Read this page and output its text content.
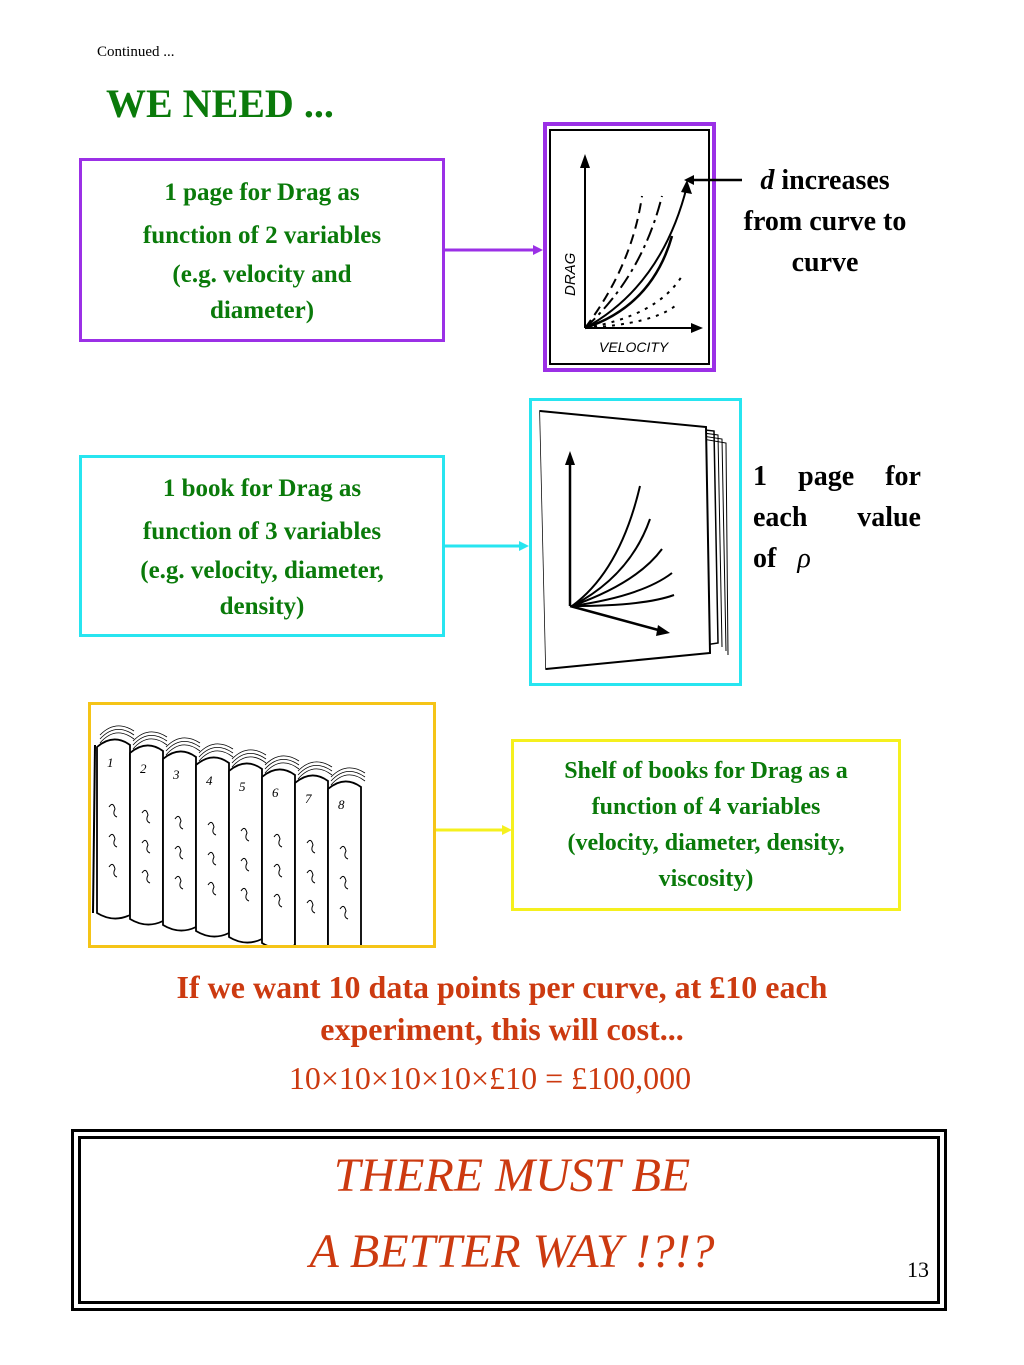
Continued ...
WE NEED ...
1 page for Drag as
function of 2 variables
(e.g. velocity and
diameter)
DRAG
VELOCITY
d increases from curve to curve
1 book for Drag as
function of 3 variables
(e.g. velocity, diameter,
density)
1 page for
each value
of ρ
1 2 3 4 5 6 7 8
Shelf of books for Drag as a
function of 4 variables
(velocity, diameter, density,
viscosity)
If we want 10 data points per curve, at £10 each
experiment, this will cost...
10×10×10×10×£10 = £100,000
THERE MUST BE
A BETTER WAY !?!?	13
